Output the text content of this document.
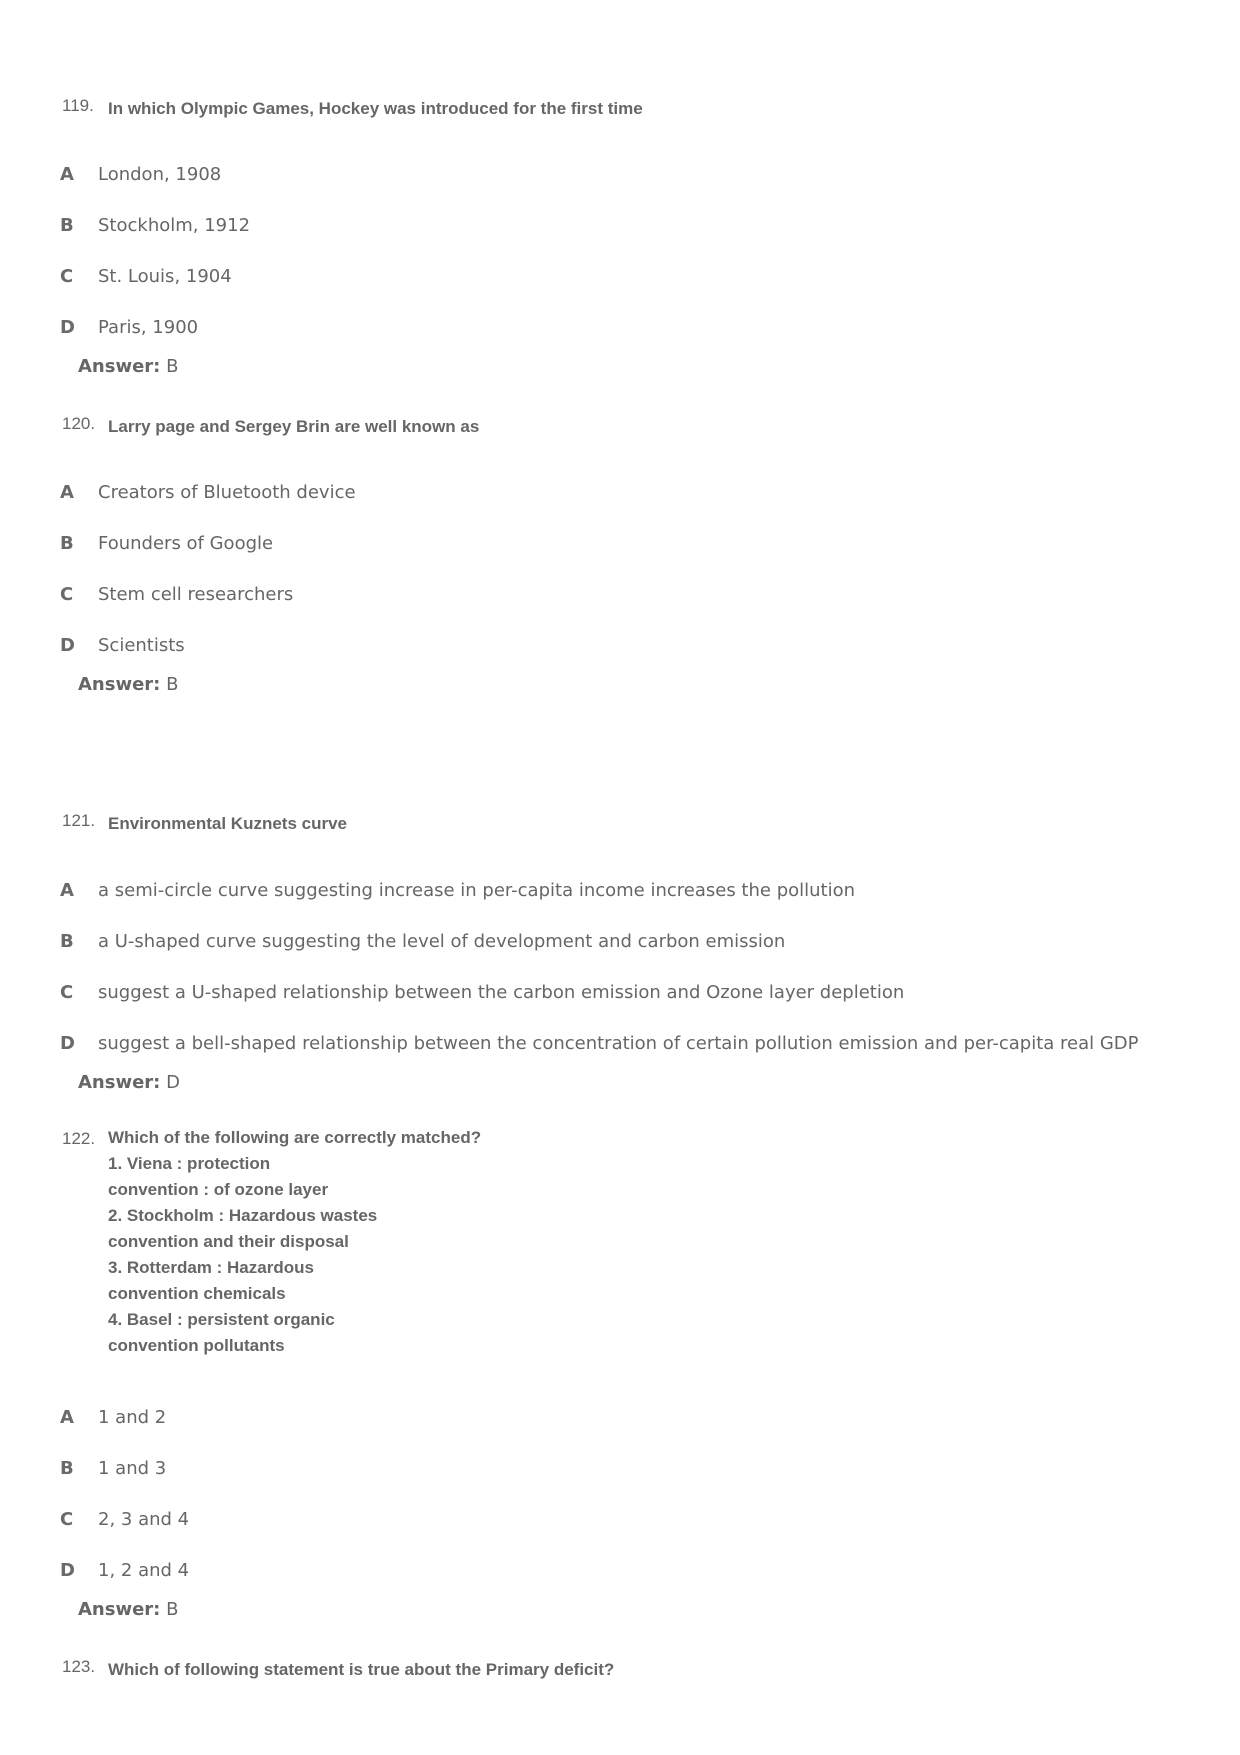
119. In which Olympic Games, Hockey was introduced for the first time
A London, 1908
B Stockholm, 1912
C St. Louis, 1904
D Paris, 1900
Answer: B
120. Larry page and Sergey Brin are well known as
A Creators of Bluetooth device
B Founders of Google
C Stem cell researchers
D Scientists
Answer: B
121. Environmental Kuznets curve
A a semi-circle curve suggesting increase in per-capita income increases the pollution
B a U-shaped curve suggesting the level of development and carbon emission
C suggest a U-shaped relationship between the carbon emission and Ozone layer depletion
D suggest a bell-shaped relationship between the concentration of certain pollution emission and per-capita real GDP
Answer: D
122. Which of the following are correctly matched?
1. Viena : protection
convention : of ozone layer
2. Stockholm : Hazardous wastes
convention and their disposal
3. Rotterdam : Hazardous
convention chemicals
4. Basel : persistent organic
convention pollutants
A 1 and 2
B 1 and 3
C 2, 3 and 4
D 1, 2 and 4
Answer: B
123. Which of following statement is true about the Primary deficit?
